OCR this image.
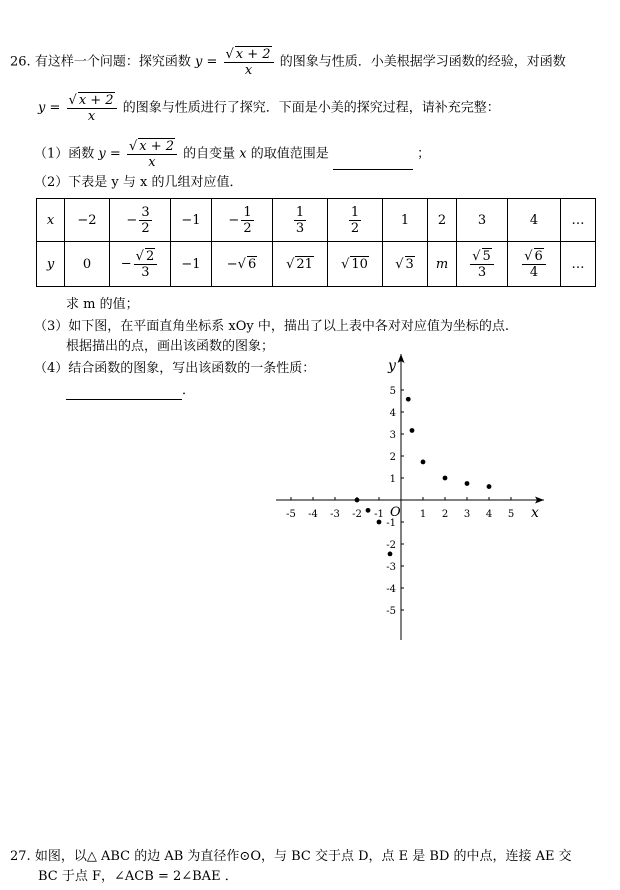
26. 有这样一个问题：探究函数 $y = \frac{√ x + 2}{x}$ 的图象与性质．小美根据学习函数的经验，对函数
$y = \frac{√ x + 2}{x}$ 的图象与性质进行了探究．下面是小美的探究过程，请补充完整：
（1）函数 $y = \frac{√ x + 2}{x}$ 的自变量 x 的取值范围是	；
（2）下表是 y 与 x 的几组对应值．
x	−2	− $\frac{3}{2}$	−1	− $\frac{1}{2}$	$\frac{1}{3}$	$\frac{1}{2}$	1	2	3	4	…
y	0	− $\frac{√ 2}{3}$	−1	−√ 6	√ 21	√ 10	√ 3	m	$\frac{√ 5}{3}$	$\frac{√ 6}{4}$	…
求 m 的值；
（3）如下图，在平面直角坐标系 xOy 中，描出了以上表中各对对应值为坐标的点.
根据描出的点，画出该函数的图象；
（4）结合函数的图象，写出该函数的一条性质：
．
x
y
O
-5 -4 -3 -2 -1	1 2 3 4 5
5
4
3
2
1
-1
-2
-3
-4
-5
27. 如图，以△ ABC 的边 AB 为直径作⊙O，与 BC 交于点 D，点 E 是 BD 的中点，连接 AE 交
BC 于点 F，∠ACB = 2∠BAE ．
